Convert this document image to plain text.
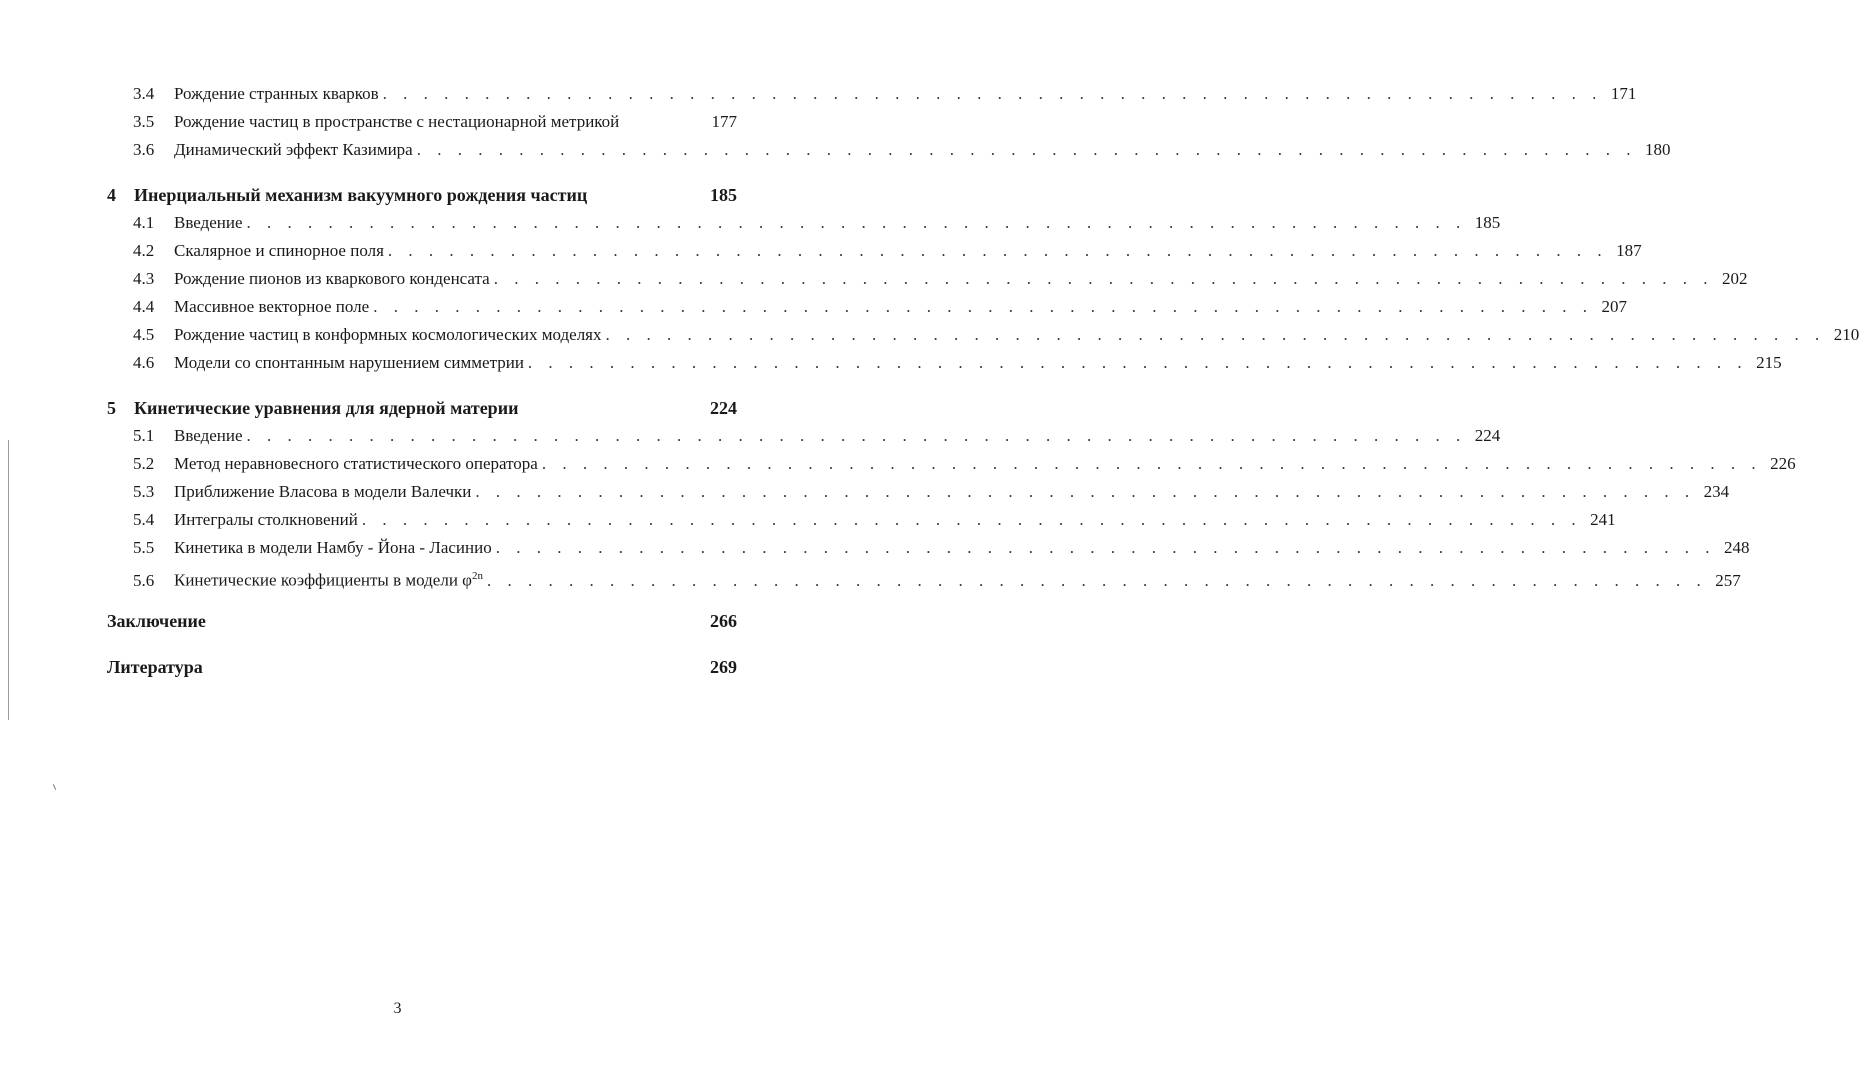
3.4	Рождение странных кварков . . .	171
3.5	Рождение частиц в пространстве с нестационарной метрикой	177
3.6	Динамический эффект Казимира . . .	180
4	Инерциальный механизм вакуумного рождения частиц	185
4.1	Введение . . .	185
4.2	Скалярное и спинорное поля . . .	187
4.3	Рождение пионов из кваркового конденсата . . .	202
4.4	Массивное векторное поле . . .	207
4.5	Рождение частиц в конформных космологических моделях . . .	210
4.6	Модели со спонтанным нарушением симметрии . . .	215
5	Кинетические уравнения для ядерной материи	224
5.1	Введение . . .	224
5.2	Метод неравновесного статистического оператора . . .	226
5.3	Приближение Власова в модели Валечки . . .	234
5.4	Интегралы столкновений . . .	241
5.5	Кинетика в модели Намбу - Йона - Ласинио . . .	248
5.6	Кинетические коэффициенты в модели $\varphi^{2n}$ . . .	257
Заключение	266
Литература	269
3
